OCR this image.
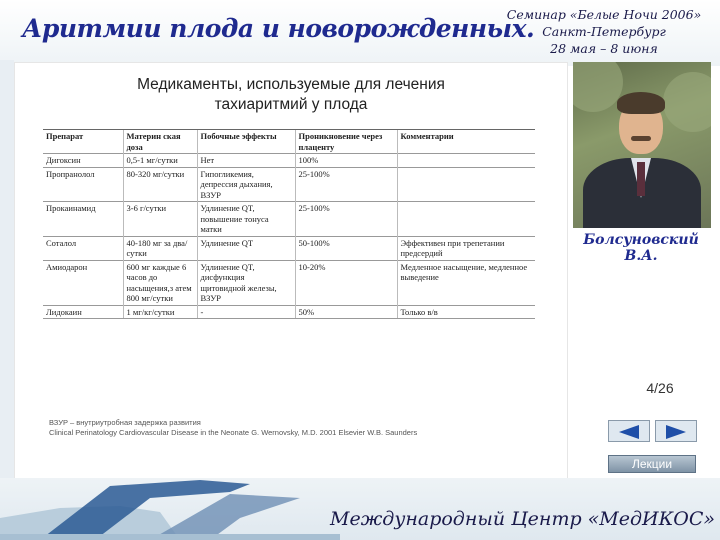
Аритмии плода и новорожденных.
Семинар «Белые Ночи 2006»
Санкт-Петербург
28 мая – 8 июня
Медикаменты, используемые для лечения
тахиаритмий у плода
Препарат	Материн ская доза	Побочные эффекты	Проникновение через плаценту	Комментарии
Дигоксин	0,5-1 мг/сутки	Нет	100%	
Пропранолол	80-320 мг/сутки	Гипогликемия, депрессия дыхания, ВЗУР	25-100%	
Прокаинамид	3-6 г/сутки	Удлинение QT, повышение тонуса матки	25-100%	
Соталол	40-180 мг за два/сутки	Удлинение QT	50-100%	Эффективен при трепетании предсердий
Амиодарон	600 мг каждые 6 часов до насыщения,з атем 800 мг/сутки	Удлинение QT, дисфункция щитовидной железы, ВЗУР	10-20%	Медленное насыщение, медленное выведение
Лидокаин	1 мг/кг/сутки	-	50%	Только в/в
ВЗУР – внутриутробная задержка развития
Clinical Perinatology Cardiovascular Disease in the Neonate G. Wernovsky, M.D. 2001 Elsevier W.B. Saunders
Болсуновский В.А.
4/26
Лекции
Международный Центр «МедИКОС»
